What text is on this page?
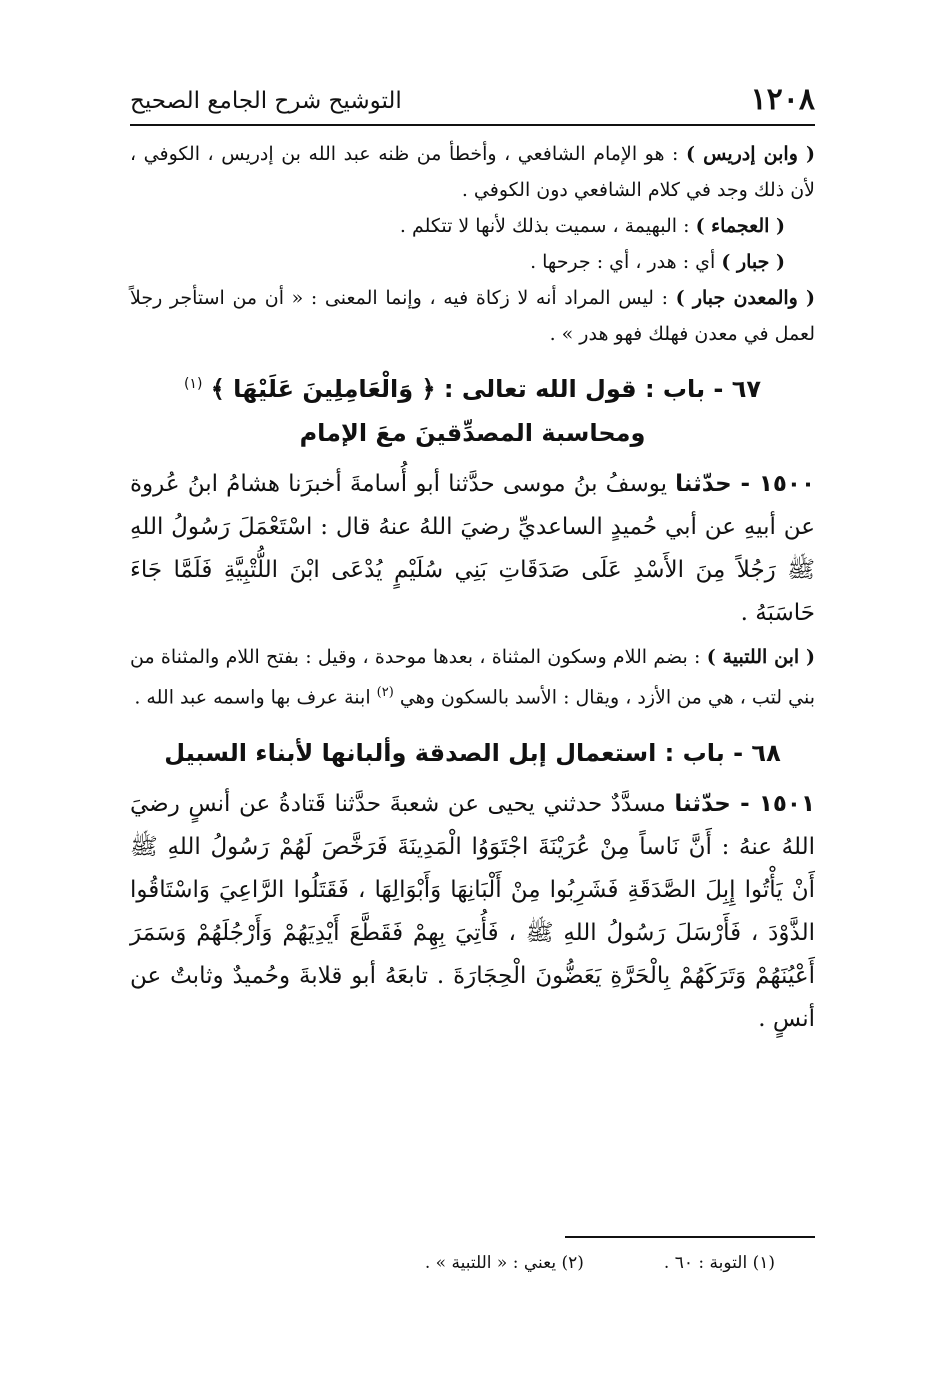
١٢٠٨
التوشيح شرح الجامع الصحيح

( وابن إدريس ) : هو الإمام الشافعي ، وأخطأ من ظنه عبد الله بن إدريس ، الكوفي ، لأن ذلك وجد في كلام الشافعي دون الكوفي .

( العجماء ) : البهيمة ، سميت بذلك لأنها لا تتكلم .

( جبار ) أي : هدر ، أي : جرحها .

( والمعدن جبار ) : ليس المراد أنه لا زكاة فيه ، وإنما المعنى : « أن من استأجر رجلاً لعمل في معدن فهلك فهو هدر » .

٦٧ - باب : قول الله تعالى : ﴿ وَالْعَامِلِينَ عَلَيْهَا ﴾ $^{(١)}$
ومحاسبة المصدِّقينَ معَ الإمام

١٥٠٠ - حدّثنا يوسفُ بنُ موسى حدَّثنا أبو أُسامةَ أخبرَنا هشامُ ابنُ عُروة عن أبيهِ عن أبي حُميدٍ الساعديِّ رضيَ اللهُ عنهُ قال : اسْتَعْمَلَ رَسُولُ اللهِ ﷺ رَجُلاً مِنَ الأَسْدِ عَلَى صَدَقَاتِ بَنِي سُلَيْمٍ يُدْعَى ابْنَ اللُّتْبِيَّةِ فَلَمَّا جَاءَ حَاسَبَهُ .

( ابن اللتبية ) : بضم اللام وسكون المثناة ، بعدها موحدة ، وقيل : بفتح اللام والمثناة من بني لتب ، هي من الأزد ، ويقال : الأسد بالسكون وهي $^{(٢)}$ ابنة عرف بها واسمه عبد الله .

٦٨ - باب : استعمال إبل الصدقة وألبانها لأبناء السبيل

١٥٠١ - حدّثنا مسدَّدٌ حدثني يحيى عن شعبةَ حدَّثنا قَتادةُ عن أنسٍ رضيَ اللهُ عنهُ : أَنَّ نَاساً مِنْ عُرَيْنَةَ اجْتَوَوُا الْمَدِينَةَ فَرَخَّصَ لَهُمْ رَسُولُ اللهِ ﷺ أَنْ يَأْتُوا إِبِلَ الصَّدَقَةِ فَشَرِبُوا مِنْ أَلْبَانِهَا وَأَبْوَالِهَا ، فَقَتَلُوا الرَّاعِيَ وَاسْتَاقُوا الذَّوْدَ ، فَأَرْسَلَ رَسُولُ اللهِ ﷺ ، فَأُتِيَ بِهِمْ فَقَطَّعَ أَيْدِيَهُمْ وَأَرْجُلَهُمْ وَسَمَرَ أَعْيُنَهُمْ وَتَرَكَهُمْ بِالْحَرَّةِ يَعَضُّونَ الْحِجَارَةَ . تابعَهُ أبو قلابةَ وحُميدٌ وثابتٌ عن أنسٍ .

(١) التوبة : ٦٠ .
(٢) يعني : « اللتبية » .
